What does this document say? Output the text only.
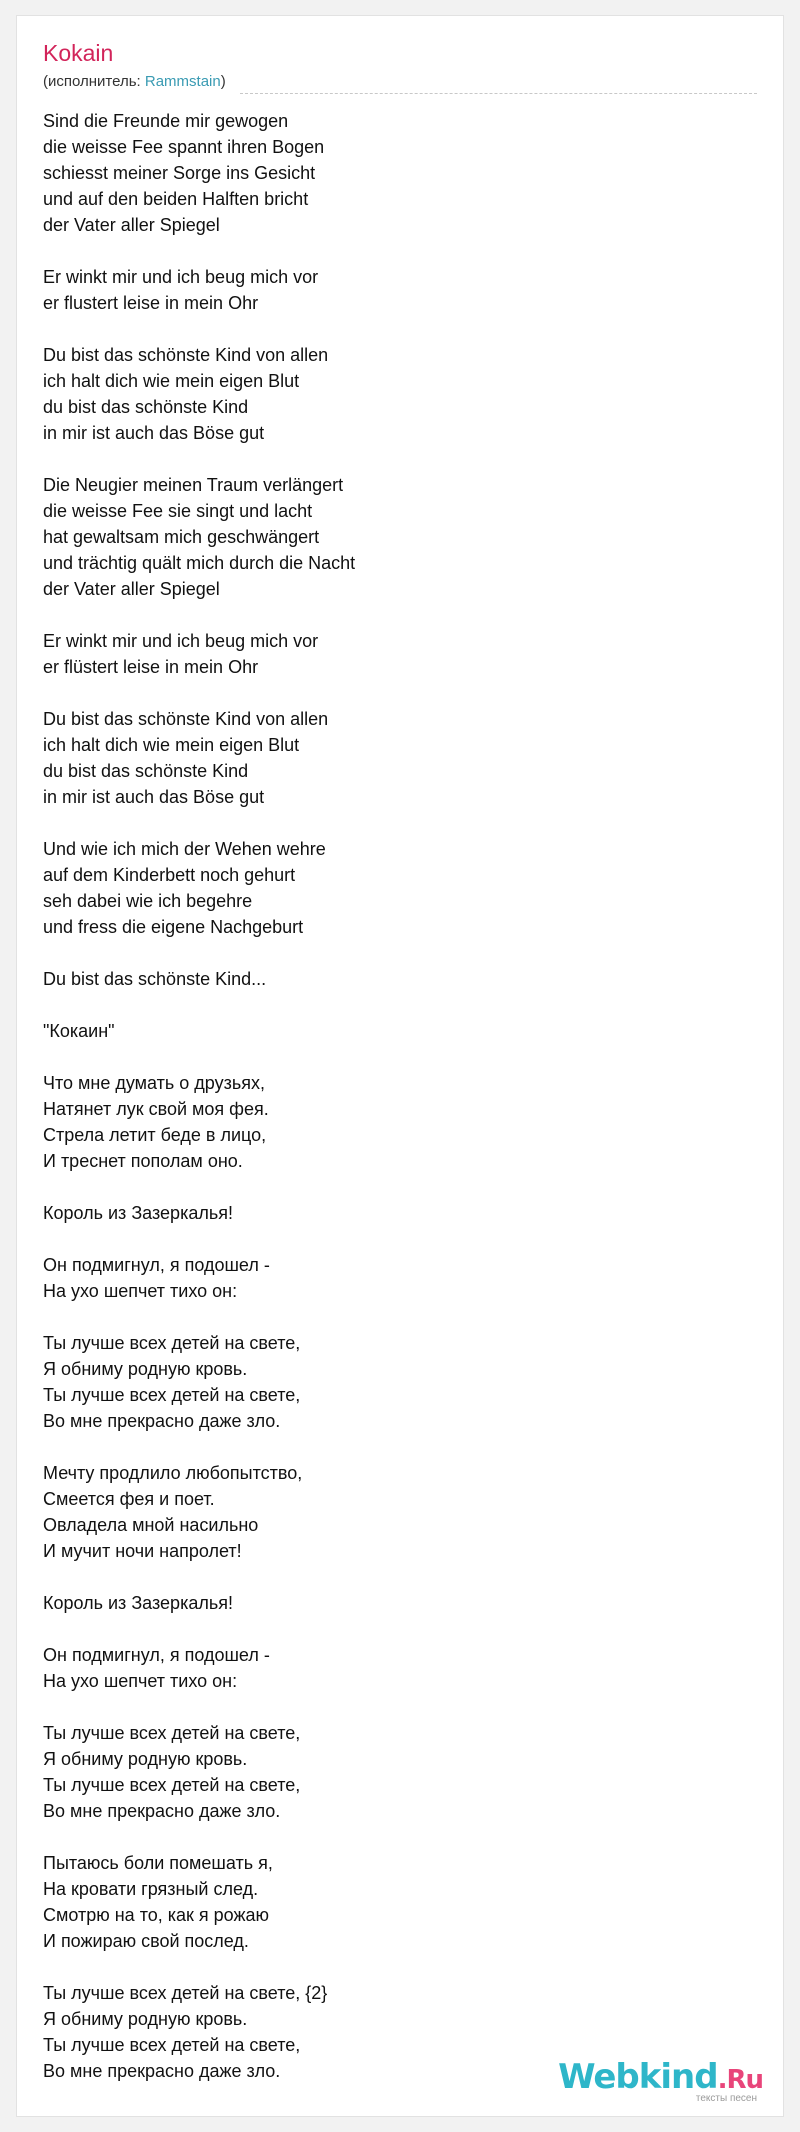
Kokain
(исполнитель: Rammstain)
Sind die Freunde mir gewogen
die weisse Fee spannt ihren Bogen
schiesst meiner Sorge ins Gesicht
und auf den beiden Halften bricht
der Vater aller Spiegel
Er winkt mir und ich beug mich vor
er flustert leise in mein Ohr
Du bist das schönste Kind von allen
ich halt dich wie mein eigen Blut
du bist das schönste Kind
in mir ist auch das Böse gut
Die Neugier meinen Traum verlängert
die weisse Fee sie singt und lacht
hat gewaltsam mich geschwängert
und trächtig quält mich durch die Nacht
der Vater aller Spiegel
Er winkt mir und ich beug mich vor
er flüstert leise in mein Ohr
Du bist das schönste Kind von allen
ich halt dich wie mein eigen Blut
du bist das schönste Kind
in mir ist auch das Böse gut
Und wie ich mich der Wehen wehre
auf dem Kinderbett noch gehurt
seh dabei wie ich begehre
und fress die eigene Nachgeburt
Du bist das schönste Kind...
"Кокаин"
Что мне думать о друзьях,
Натянет лук свой моя фея.
Стрела летит беде в лицо,
И треснет пополам оно.
Король из Зазеркалья!
Он подмигнул, я подошел -
На ухо шепчет тихо он:
Ты лучше всех детей на свете,
Я обниму родную кровь.
Ты лучше всех детей на свете,
Во мне прекрасно даже зло.
Мечту продлило любопытство,
Смеется фея и поет.
Овладела мной насильно
И мучит ночи напролет!
Король из Зазеркалья!
Он подмигнул, я подошел -
На ухо шепчет тихо он:
Ты лучше всех детей на свете,
Я обниму родную кровь.
Ты лучше всех детей на свете,
Во мне прекрасно даже зло.
Пытаюсь боли помешать я,
На кровати грязный след.
Смотрю на то, как я рожаю
И пожираю свой послед.
Ты лучше всех детей на свете, {2}
Я обниму родную кровь.
Ты лучше всех детей на свете,
Во мне прекрасно даже зло.	Webkind.Ru
тексты песен
